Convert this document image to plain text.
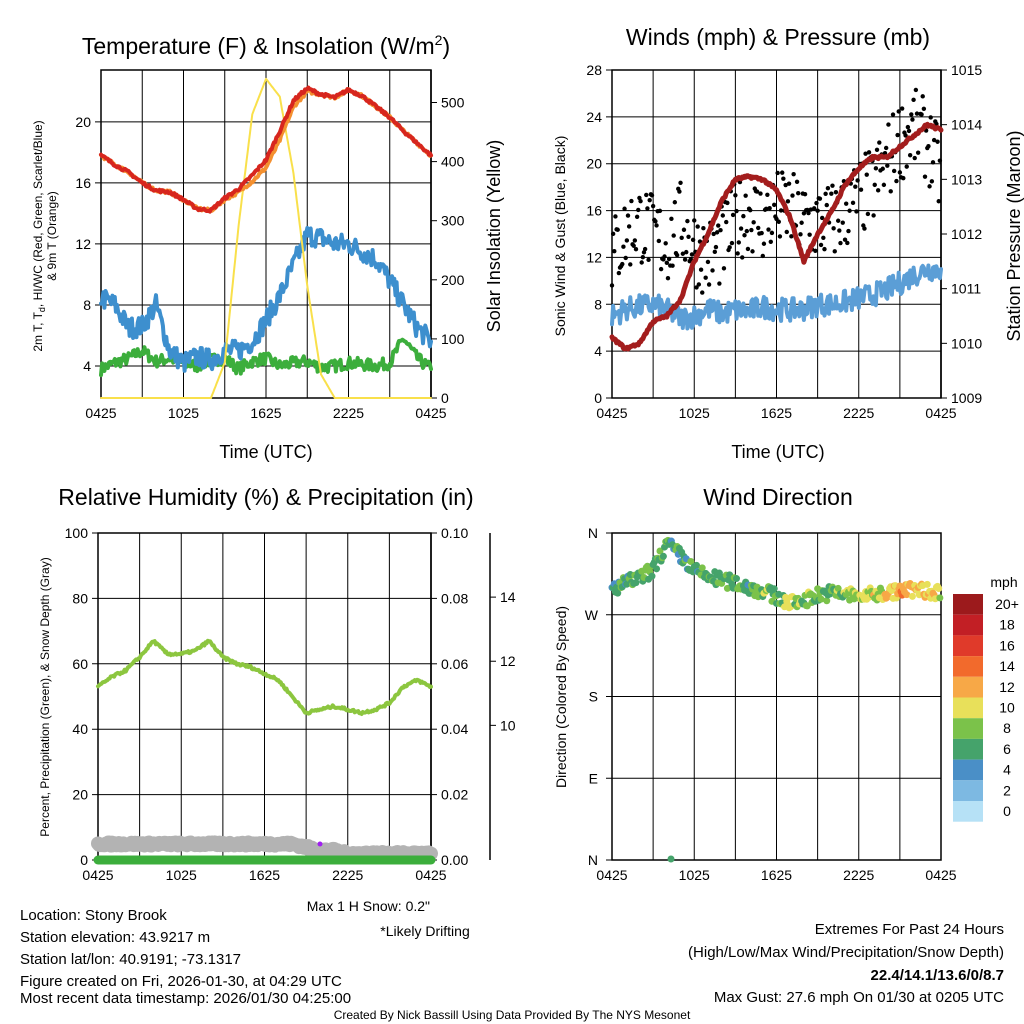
Temperature (F) & Insolation $(W/m^2)$	Winds (mph) & Pressure (mb)
Relative Humidity (%) & Precipitation (in)	Wind Direction
Time (UTC)	Time (UTC)
2m T, $T_d$, HI/WC (Red, Green, Scarlet/Blue) & 9m T (Orange)	Solar Insolation (Yellow)	Sonic Wind & Gust (Blue, Black)	Station Pressure (Maroon)
Percent, Precipitation (Green), & Snow Depth (Gray)	Direction (Colored By Speed)
4
8
12
16
20
0425	1025	1625	2225	0425
0
100
200
300
400
500
0
4
8
12
16
20
24
28
0425	1025	1625	2225	0425
1009
1010
1011
1012
1013
1014
1015
0
20
40
60
80
100
0425	1025	1625	2225	0425
0.00
0.02
0.04
0.06
0.08
0.10
10
12
14
N
E
S
W
N
0425	1025	1625	2225	0425
mph
20+
18
16
14
12
10
8
6
4
2
0
Max 1 H Snow: 0.2"
*Likely Drifting
Location: Stony Brook
Station elevation: 43.9217 m
Station lat/lon: 40.9191; -73.1317
Figure created on Fri, 2026-01-30, at 04:29 UTC
Most recent data timestamp: 2026/01/30 04:25:00
Extremes For Past 24 Hours
(High/Low/Max Wind/Precipitation/Snow Depth)
22.4/14.1/13.6/0/8.7
Max Gust: 27.6 mph On 01/30 at 0205 UTC
Created By Nick Bassill Using Data Provided By The NYS Mesonet
